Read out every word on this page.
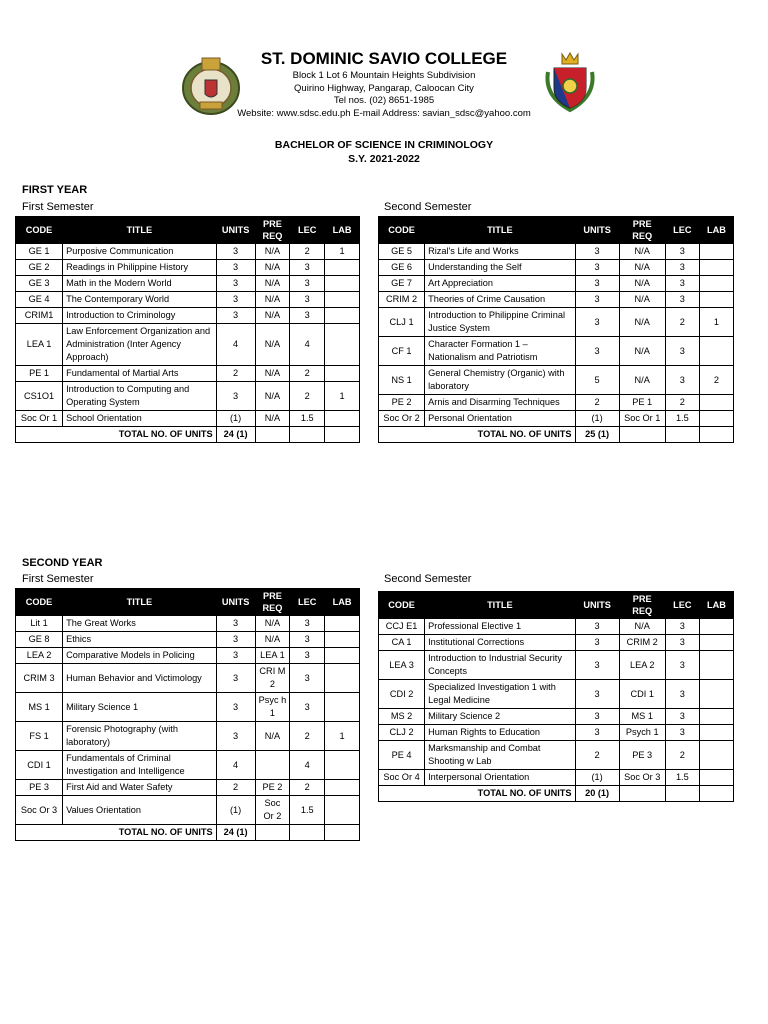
ST. DOMINIC SAVIO COLLEGE
Block 1 Lot 6 Mountain Heights Subdivision
Quirino Highway, Pangarap, Caloocan City
Tel nos. (02) 8651-1985
Website: www.sdsc.edu.ph E-mail Address: savian_sdsc@yahoo.com
BACHELOR OF SCIENCE IN CRIMINOLOGY
S.Y. 2021-2022
FIRST YEAR
First Semester	Second Semester
SECOND YEAR
First Semester	Second Semester
CODE	TITLE	UNITS	PRE REQ	LEC	LAB
GE 1	Purposive Communication	3	N/A	2	1
GE 2	Readings in Philippine History	3	N/A	3	
GE 3	Math in the Modern World	3	N/A	3	
GE 4	The Contemporary World	3	N/A	3	
CRIM1	Introduction to Criminology	3	N/A	3	
LEA 1	Law Enforcement Organization and Administration (Inter Agency Approach)	4	N/A	4	
PE 1	Fundamental of Martial Arts	2	N/A	2	
CS1O1	Introduction to Computing and Operating System	3	N/A	2	1
Soc Or 1	School Orientation	(1)	N/A	1.5	
TOTAL NO. OF UNITS		24 (1)			
CODE	TITLE	UNITS	PRE REQ	LEC	LAB
GE 5	Rizal's Life and Works	3	N/A	3	
GE 6	Understanding the Self	3	N/A	3	
GE 7	Art Appreciation	3	N/A	3	
CRIM 2	Theories of Crime Causation	3	N/A	3	
CLJ 1	Introduction to Philippine Criminal Justice System	3	N/A	2	1
CF 1	Character Formation 1 – Nationalism and Patriotism	3	N/A	3	
NS 1	General Chemistry (Organic) with laboratory	5	N/A	3	2
PE 2	Arnis and Disarming Techniques	2	PE 1	2	
Soc Or 2	Personal Orientation	(1)	Soc Or 1	1.5	
TOTAL NO. OF UNITS		25 (1)			
CODE	TITLE	UNITS	PRE REQ	LEC	LAB
Lit 1	The Great Works	3	N/A	3	
GE 8	Ethics	3	N/A	3	
LEA 2	Comparative Models in Policing	3	LEA 1	3	
CRIM 3	Human Behavior and Victimology	3	CRI M 2	3	
MS 1	Military Science 1	3	Psyc h 1	3	
FS 1	Forensic Photography (with laboratory)	3	N/A	2	1
CDI 1	Fundamentals of Criminal Investigation and Intelligence	4		4	
PE 3	First Aid and Water Safety	2	PE 2	2	
Soc Or 3	Values Orientation	(1)	Soc Or 2	1.5	
TOTAL NO. OF UNITS		24 (1)			
CODE	TITLE	UNITS	PRE REQ	LEC	LAB
CCJ E1	Professional Elective 1	3	N/A	3	
CA 1	Institutional Corrections	3	CRIM 2	3	
LEA 3	Introduction to Industrial Security Concepts	3	LEA 2	3	
CDI 2	Specialized Investigation 1 with Legal Medicine	3	CDI 1	3	
MS 2	Military Science 2	3	MS 1	3	
CLJ 2	Human Rights to Education	3	Psych 1	3	
PE 4	Marksmanship and Combat Shooting w Lab	2	PE 3	2	
Soc Or 4	Interpersonal Orientation	(1)	Soc Or 3	1.5	
TOTAL NO. OF UNITS		20 (1)			
